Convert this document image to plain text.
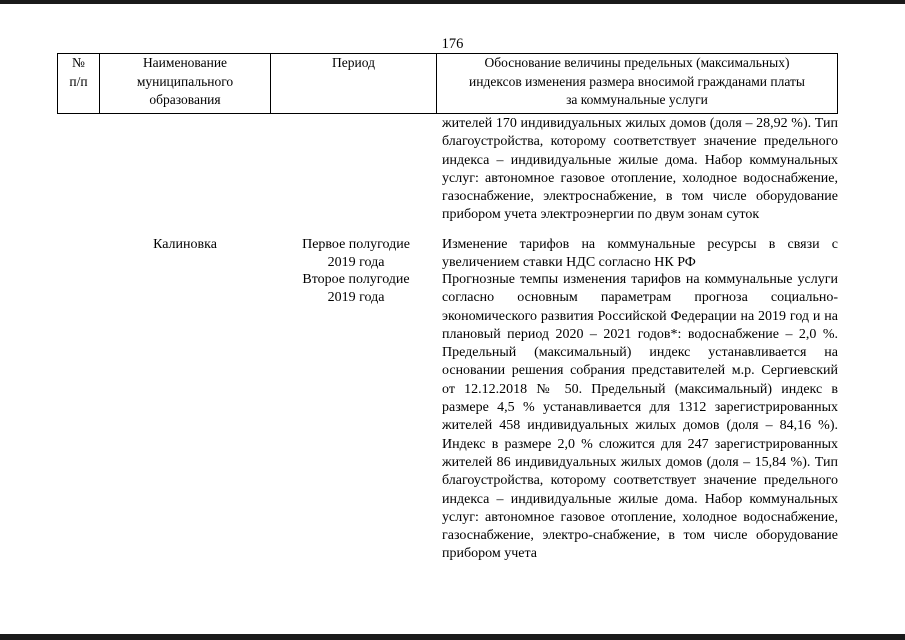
176
№
п/п
Наименование
муниципального
образования
Период	Обоснование величины предельных (максимальных)
индексов изменения размера вносимой гражданами платы
за коммунальные услуги

жителей 170 индивидуальных жилых домов (доля – 28,92 %). Тип благоустройства, которому соответствует значение предельного индекса – индивидуальные жилые дома. Набор коммунальных услуг: автономное газовое отопление, холодное водоснабжение, газоснабжение, электроснабжение, в том числе оборудование прибором учета электроэнергии по двум зонам суток

Калиновка	Первое полугодие
2019 года
Второе полугодие
2019 года

Изменение тарифов на коммунальные ресурсы в связи с увеличением ставки НДС согласно НК РФ

Прогнозные темпы изменения тарифов на коммунальные услуги согласно основным параметрам прогноза социально-экономического развития Российской Федерации на 2019 год и на плановый период 2020 – 2021 годов*: водоснабжение – 2,0 %. Предельный (максимальный) индекс устанавливается на основании решения собрания представителей м.р. Сергиевский от 12.12.2018 № 50. Предельный (максимальный) индекс в размере 4,5 % устанавливается для 1312 зарегистрированных жителей 458 индивидуальных жилых домов (доля – 84,16 %). Индекс в размере 2,0 % сложится для 247 зарегистрированных жителей 86 индивидуальных жилых домов (доля – 15,84 %). Тип благоустройства, которому соответствует значение предельного индекса – индивидуальные жилые дома. Набор коммунальных услуг: автономное газовое отопление, холодное водоснабжение, газоснабжение, электро-снабжение, в том числе оборудование прибором учета
